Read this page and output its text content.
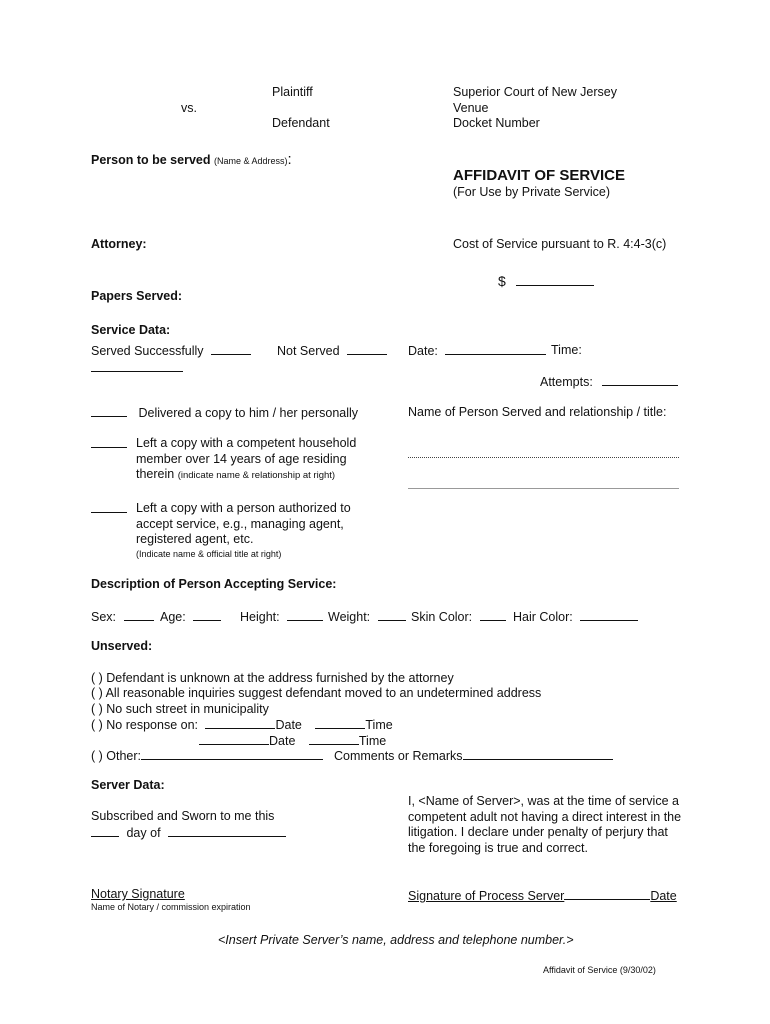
Plaintiff
vs.
Defendant
Superior Court of New Jersey
Venue
Docket Number
Person to be served (Name & Address):
AFFIDAVIT OF SERVICE
(For Use by Private Service)
Attorney:	Cost of Service pursuant to R. 4:4-3(c)
$
Papers Served:
Service Data:
Served Successfully	Not Served	Date:	Time:
Attempts:
Delivered a copy to him / her personally	Name of Person Served and relationship / title:
Left a copy with a competent household
member over 14 years of age residing
therein (indicate name & relationship at right)
Left a copy with a person authorized to
accept service, e.g., managing agent,
registered agent, etc.
(Indicate name & official title at right)
Description of Person Accepting Service:
Sex:	Age:	Height:	Weight:	Skin Color:	Hair Color:
Unserved:
( ) Defendant is unknown at the address furnished by the attorney
( ) All reasonable inquiries suggest defendant moved to an undetermined address
( ) No such street in municipality
( ) No response on:	Date	Time
Date	Time
( ) Other:	Comments or Remarks
Server Data:
Subscribed and Sworn to me this
day of
I, <Name of Server>, was at the time of service a
competent adult not having a direct interest in the
litigation. I declare under penalty of perjury that
the foregoing is true and correct.
Notary Signature
Name of Notary / commission expiration
Signature of Process Server	Date
<Insert Private Server’s name, address and telephone number.>
Affidavit of Service (9/30/02)
